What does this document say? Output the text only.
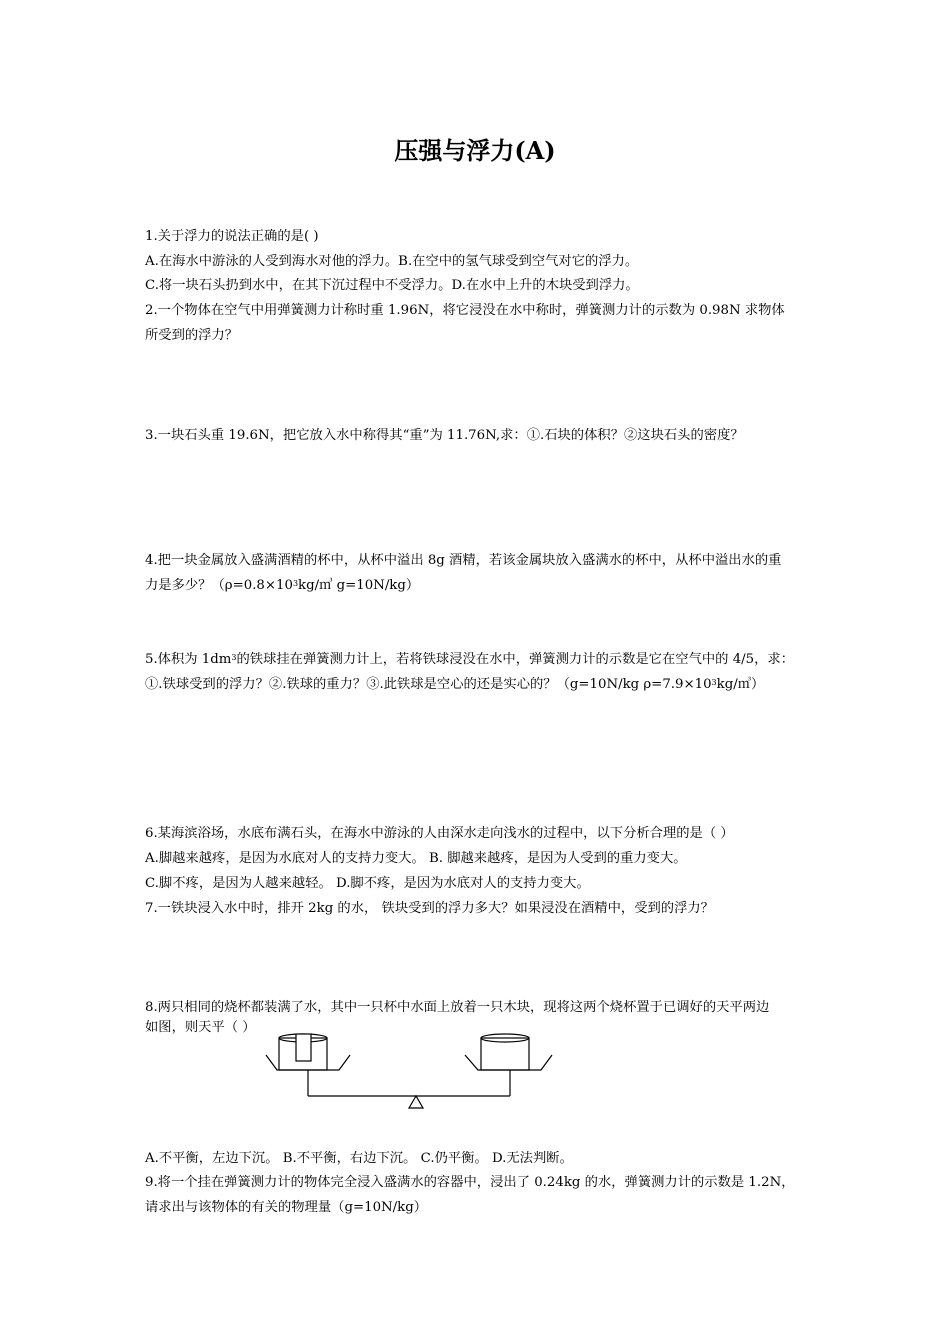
压强与浮力(A)
1.关于浮力的说法正确的是( )
A.在海水中游泳的人受到海水对他的浮力。B.在空中的氢气球受到空气对它的浮力。
C.将一块石头扔到水中，在其下沉过程中不受浮力。D.在水中上升的木块受到浮力。
2.一个物体在空气中用弹簧测力计称时重 1.96N，将它浸没在水中称时，弹簧测力计的示数为 0.98N 求物体
所受到的浮力？
3.一块石头重 19.6N，把它放入水中称得其“重”为 11.76N,求：①.石块的体积？②这块石头的密度？
4.把一块金属放入盛满酒精的杯中，从杯中溢出 8g 酒精，若该金属块放入盛满水的杯中，从杯中溢出水的重
力是多少？（$\rho=0.8\times 10^3kg/㎥$ g=10N/kg）
5.体积为 $1dm^3$的铁球挂在弹簧测力计上，若将铁球浸没在水中，弹簧测力计的示数是它在空气中的 4/5，求：
①.铁球受到的浮力？②.铁球的重力？③.此铁球是空心的还是实心的？（g=10N/kg $\rho=7.9\times 10^3kg/㎥$）
6.某海滨浴场，水底布满石头，在海水中游泳的人由深水走向浅水的过程中，以下分析合理的是（ ）
A.脚越来越疼，是因为水底对人的支持力变大。 B. 脚越来越疼，是因为人受到的重力变大。
C.脚不疼，是因为人越来越轻。 D.脚不疼，是因为水底对人的支持力变大。
7.一铁块浸入水中时，排开 2kg 的水， 铁块受到的浮力多大？如果浸没在酒精中，受到的浮力？
8.两只相同的烧杯都装满了水，其中一只杯中水面上放着一只木块，现将这两个烧杯置于已调好的天平两边
如图，则天平（ ）
A.不平衡，左边下沉。 B.不平衡，右边下沉。 C.仍平衡。 D.无法判断。
9.将一个挂在弹簧测力计的物体完全浸入盛满水的容器中，浸出了 0.24kg 的水，弹簧测力计的示数是 1.2N，
请求出与该物体的有关的物理量（g=10N/kg）
